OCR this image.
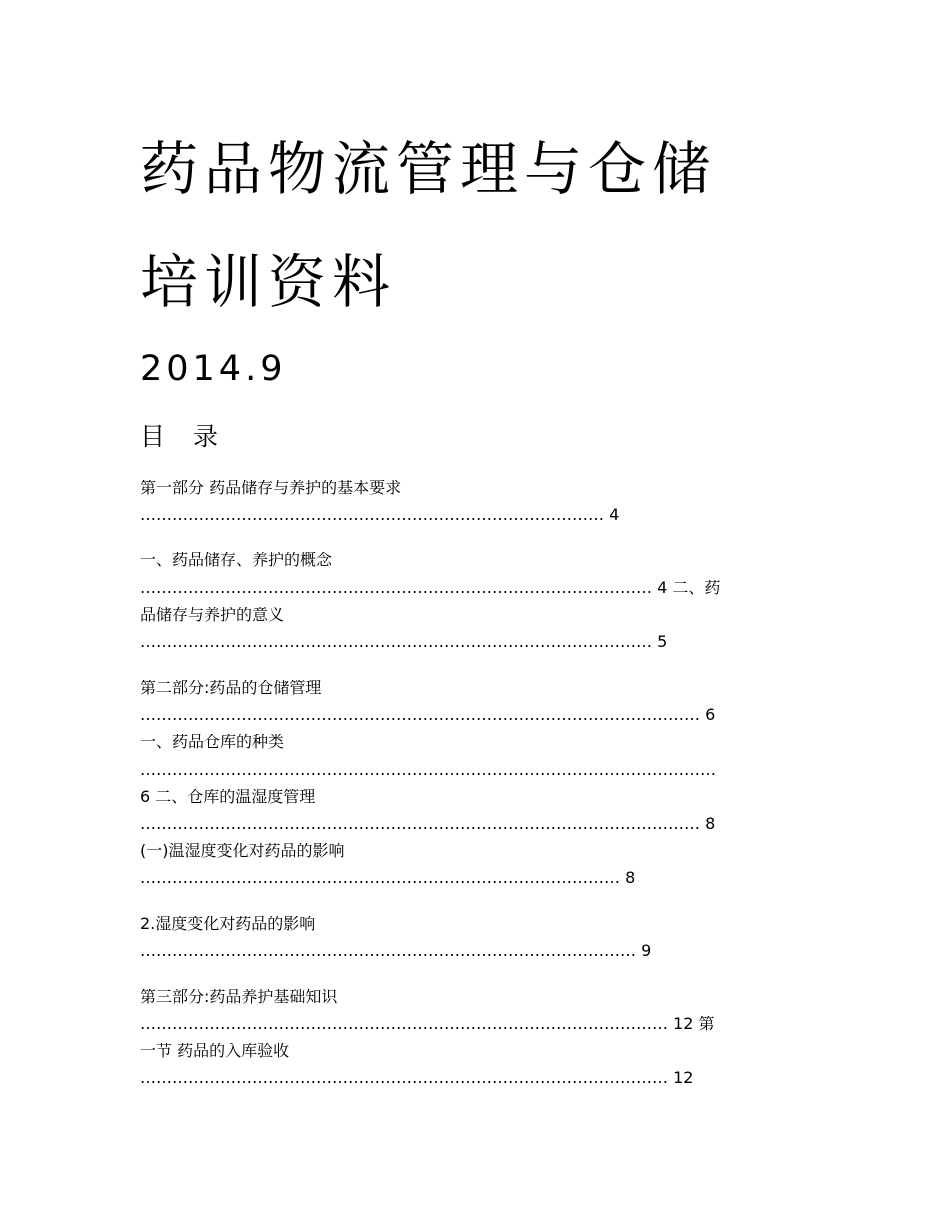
药品物流管理与仓储
培训资料
2014.9
目 录
第一部分 药品储存与养护的基本要求
…………………………………………………………………………… 4
一、药品储存、养护的概念
…………………………………………………………………………………… 4 二、药
品储存与养护的意义
…………………………………………………………………………………… 5
第二部分:药品的仓储管理
…………………………………………………………………………………………… 6
一、药品仓库的种类
………………………………………………………………………………………………
6 二、仓库的温湿度管理
…………………………………………………………………………………………… 8
(一)温湿度变化对药品的影响
……………………………………………………………………………… 8
2.湿度变化对药品的影响
………………………………………………………………………………… 9
第三部分:药品养护基础知识
……………………………………………………………………………………… 12 第
一节 药品的入库验收
……………………………………………………………………………………… 12
